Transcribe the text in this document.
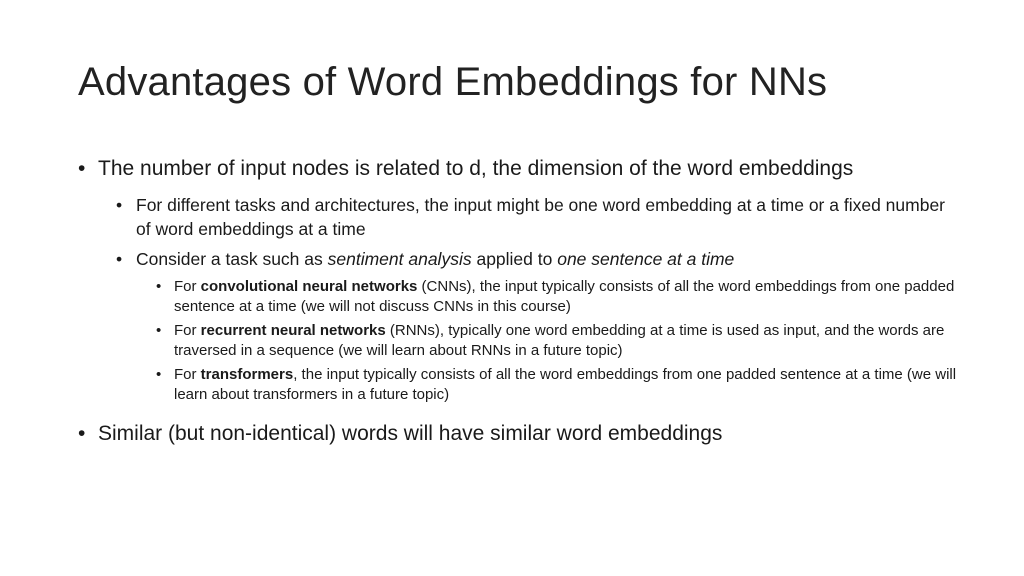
Advantages of Word Embeddings for NNs
• The number of input nodes is related to d, the dimension of the word embeddings
• For different tasks and architectures, the input might be one word embedding at a time or a fixed number of word embeddings at a time
• Consider a task such as sentiment analysis applied to one sentence at a time
• For convolutional neural networks (CNNs), the input typically consists of all the word embeddings from one padded sentence at a time (we will not discuss CNNs in this course)
• For recurrent neural networks (RNNs), typically one word embedding at a time is used as input, and the words are traversed in a sequence (we will learn about RNNs in a future topic)
• For transformers, the input typically consists of all the word embeddings from one padded sentence at a time (we will learn about transformers in a future topic)
• Similar (but non-identical) words will have similar word embeddings
